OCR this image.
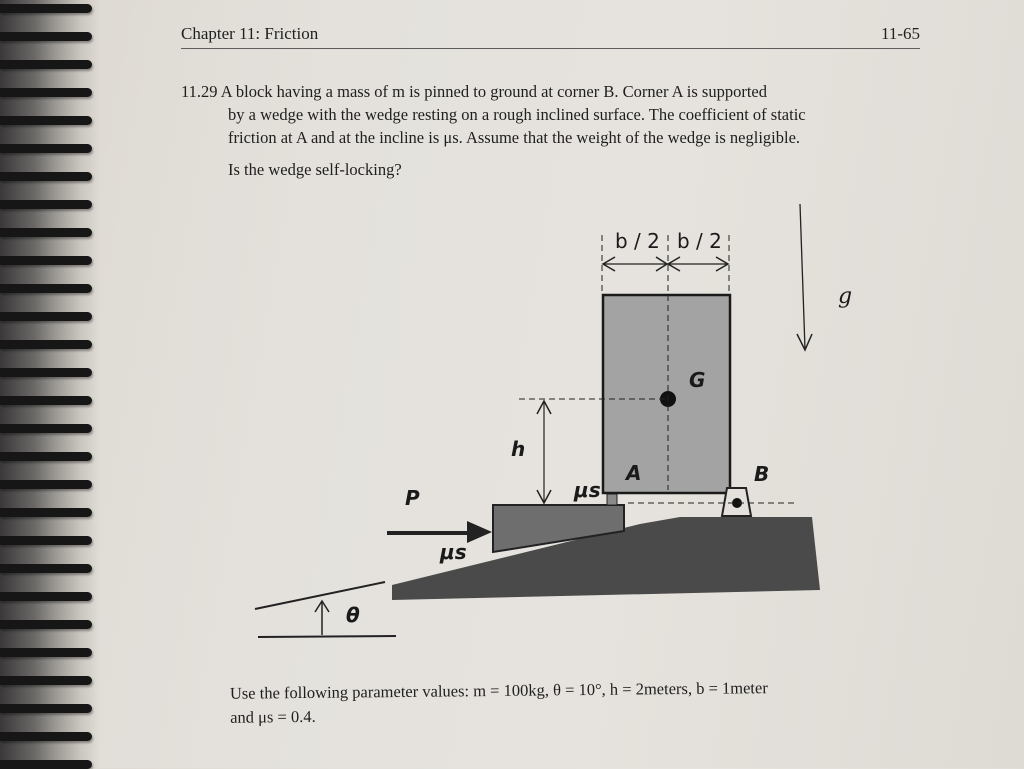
Chapter 11: Friction	11-65
11.29 A block having a mass of m is pinned to ground at corner B. Corner A is supported
by a wedge with the wedge resting on a rough inclined surface. The coefficient of static
friction at A and at the incline is μs. Assume that the weight of the wedge is negligible.
Is the wedge self-locking?
b / 2 b / 2
g
G
h
A	B
P	μs
μs
θ
Use the following parameter values: m = 100kg, θ = 10°, h = 2meters, b = 1meter
and μs = 0.4.
